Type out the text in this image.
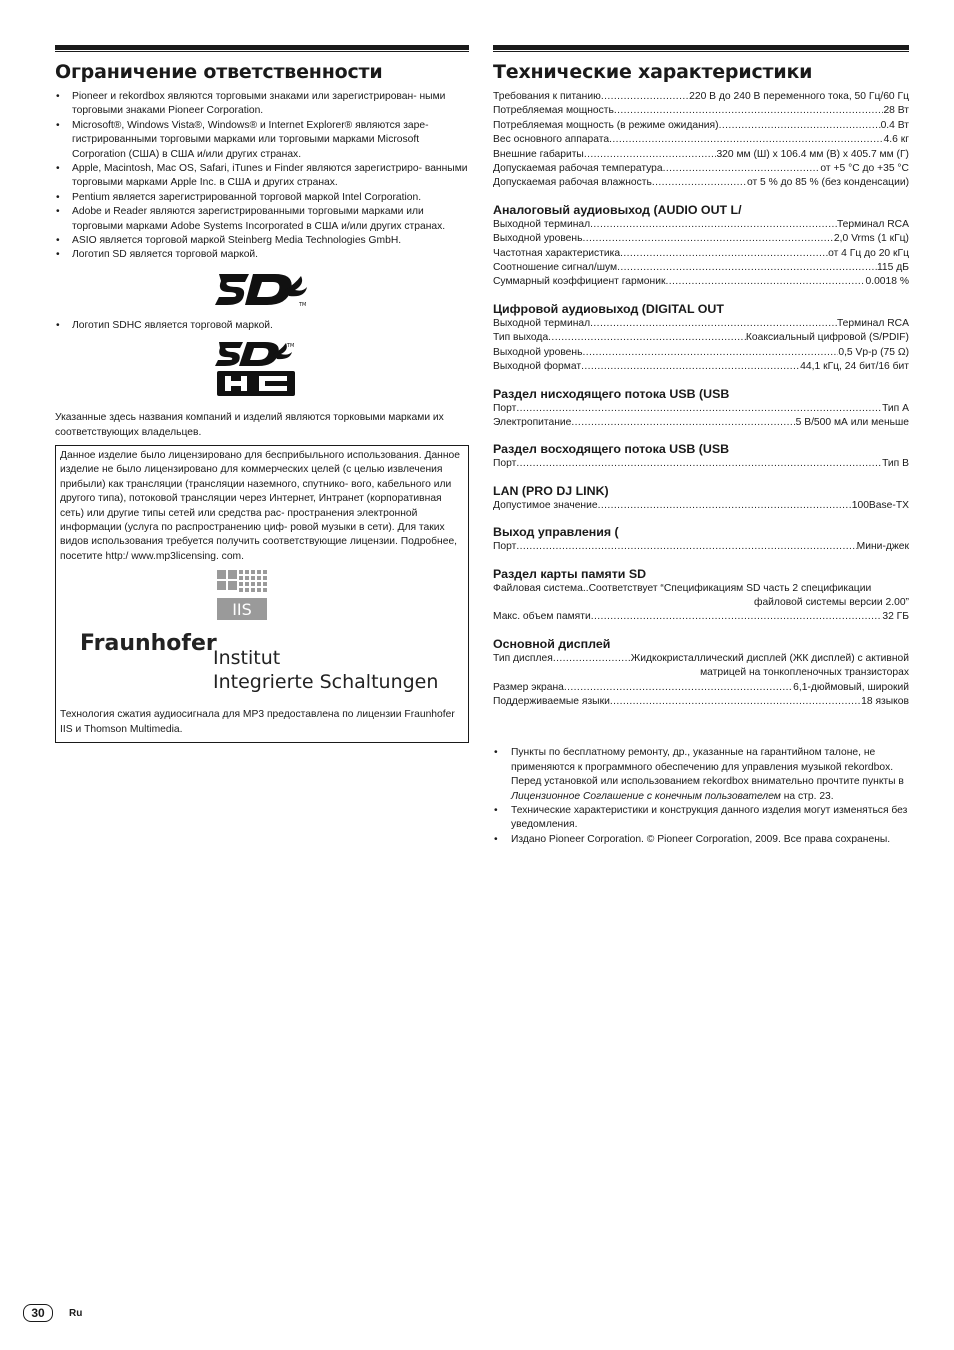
Ограничение ответственности
• Pioneer и rekordbox являются торговыми знаками или зарегистрирован- ными торговыми знаками Pioneer Corporation.
• Microsoft®, Windows Vista®, Windows® и Internet Explorer® являются заре- гистрированными торговыми марками или торговыми марками Microsoft Corporation (США) в США и/или других странах.
• Apple, Macintosh, Mac OS, Safari, iTunes и Finder являются зарегистриро- ванными торговыми марками Apple Inc. в США и других странах.
• Pentium является зарегистрированной торговой маркой Intel Corporation.
• Adobe и Reader являются зарегистрированными торговыми марками или торговыми марками Adobe Systems Incorporated в США и/или других странах.
• ASIO является торговой маркой Steinberg Media Technologies GmbH.
• Логотип SD является торговой маркой.
TM
• Логотип SDHC является торговой маркой.
TM
Указанные здесь названия компаний и изделий являются торковыми марками их соответствующих владельцев.
Данное изделие было лицензировано для бесприбыльного использования. Данное изделие не было лицензировано для коммерческих целей (с целью извлечения прибыли) как трансляции (трансляции наземного, спутнико- вого, кабельного или другого типа), потоковой трансляции через Интернет, Интранет (корпоративная сеть) или другие типы сетей или средства рас- пространения электронной информации (услуга по распространению циф- ровой музыки в сети). Для таких видов использования требуется получить соответствующие лицензии. Подробнее, посетите http:/ www.mp3licensing. com.
IIS
Fraunhofer
Institut
Integrierte Schaltungen
Технология сжатия аудиосигнала для MP3 предоставлена по лицензии Fraunhofer IIS и Thomson Multimedia.
Технические характеристики
Требования к питанию .....	220 В до 240 В переменного тока, 50 Гц/60 Гц
Потребляемая мощность .....	28 Вт
Потребляемая мощность (в режиме ожидания) .....	0.4 Вт
Вес основного аппарата .....	4.6 кг
Внешние габариты .....	320 мм (Ш) x 106.4 мм (В) x 405.7 мм (Г)
Допускаемая рабочая температура .....	от +5 °C до +35 °C
Допускаемая рабочая влажность .....	от 5 % до 85 % (без конденсации)
Аналоговый аудиовыход (AUDIO OUT L/
Выходной терминал .....	Терминал RCA
Выходной уровень .....	2,0 Vrms (1 кГц)
Частотная характеристика .....	от 4 Гц до 20 кГц
Соотношение сигнал/шум .....	115 дБ
Суммарный коэффициент гармоник .....	0.0018 %
Цифровой аудиовыход (DIGITAL OUT
Выходной терминал .....	Терминал RCA
Тип выхода .....	Коаксиальный цифровой (S/PDIF)
Выходной уровень .....	0,5 Vp-p (75 Ω)
Выходной формат .....	44,1 кГц, 24 бит/16 бит
Раздел нисходящего потока USB (USB
Порт .....	Тип A
Электропитание .....	5 В/500 мА или меньше
Раздел восходящего потока USB (USB
Порт .....	Тип B
LAN (PRO DJ LINK)
Допустимое значение .....	100Base-TX
Выход управления (
Порт .....	Мини-джек
Раздел карты памяти SD
Файловая система .. Соответствует “Спецификациям SD часть 2 спецификации
файловой системы версии 2.00”
Макс. объем памяти .....	32 ГБ
Основной дисплей
Тип дисплея .....	Жидкокристаллический дисплей (ЖК дисплей) с активной
матрицей на тонкопленочных транзисторах
Размер экрана .....	6,1-дюймовый, широкий
Поддерживаемые языки .....	18 языков
• Пункты по бесплатному ремонту, др., указанные на гарантийном талоне, не применяются к программного обеспечению для управления музыкой rekordbox. Перед установкой или использованием rekordbox внимательно прочтите пункты в Лицензионное Соглашение с конечным пользователем на стр. 23.
• Технические характеристики и конструкция данного изделия могут изменяться без уведомления.
• Издано Pioneer Corporation. © Pioneer Corporation, 2009. Все права сохранены.
30	Ru
